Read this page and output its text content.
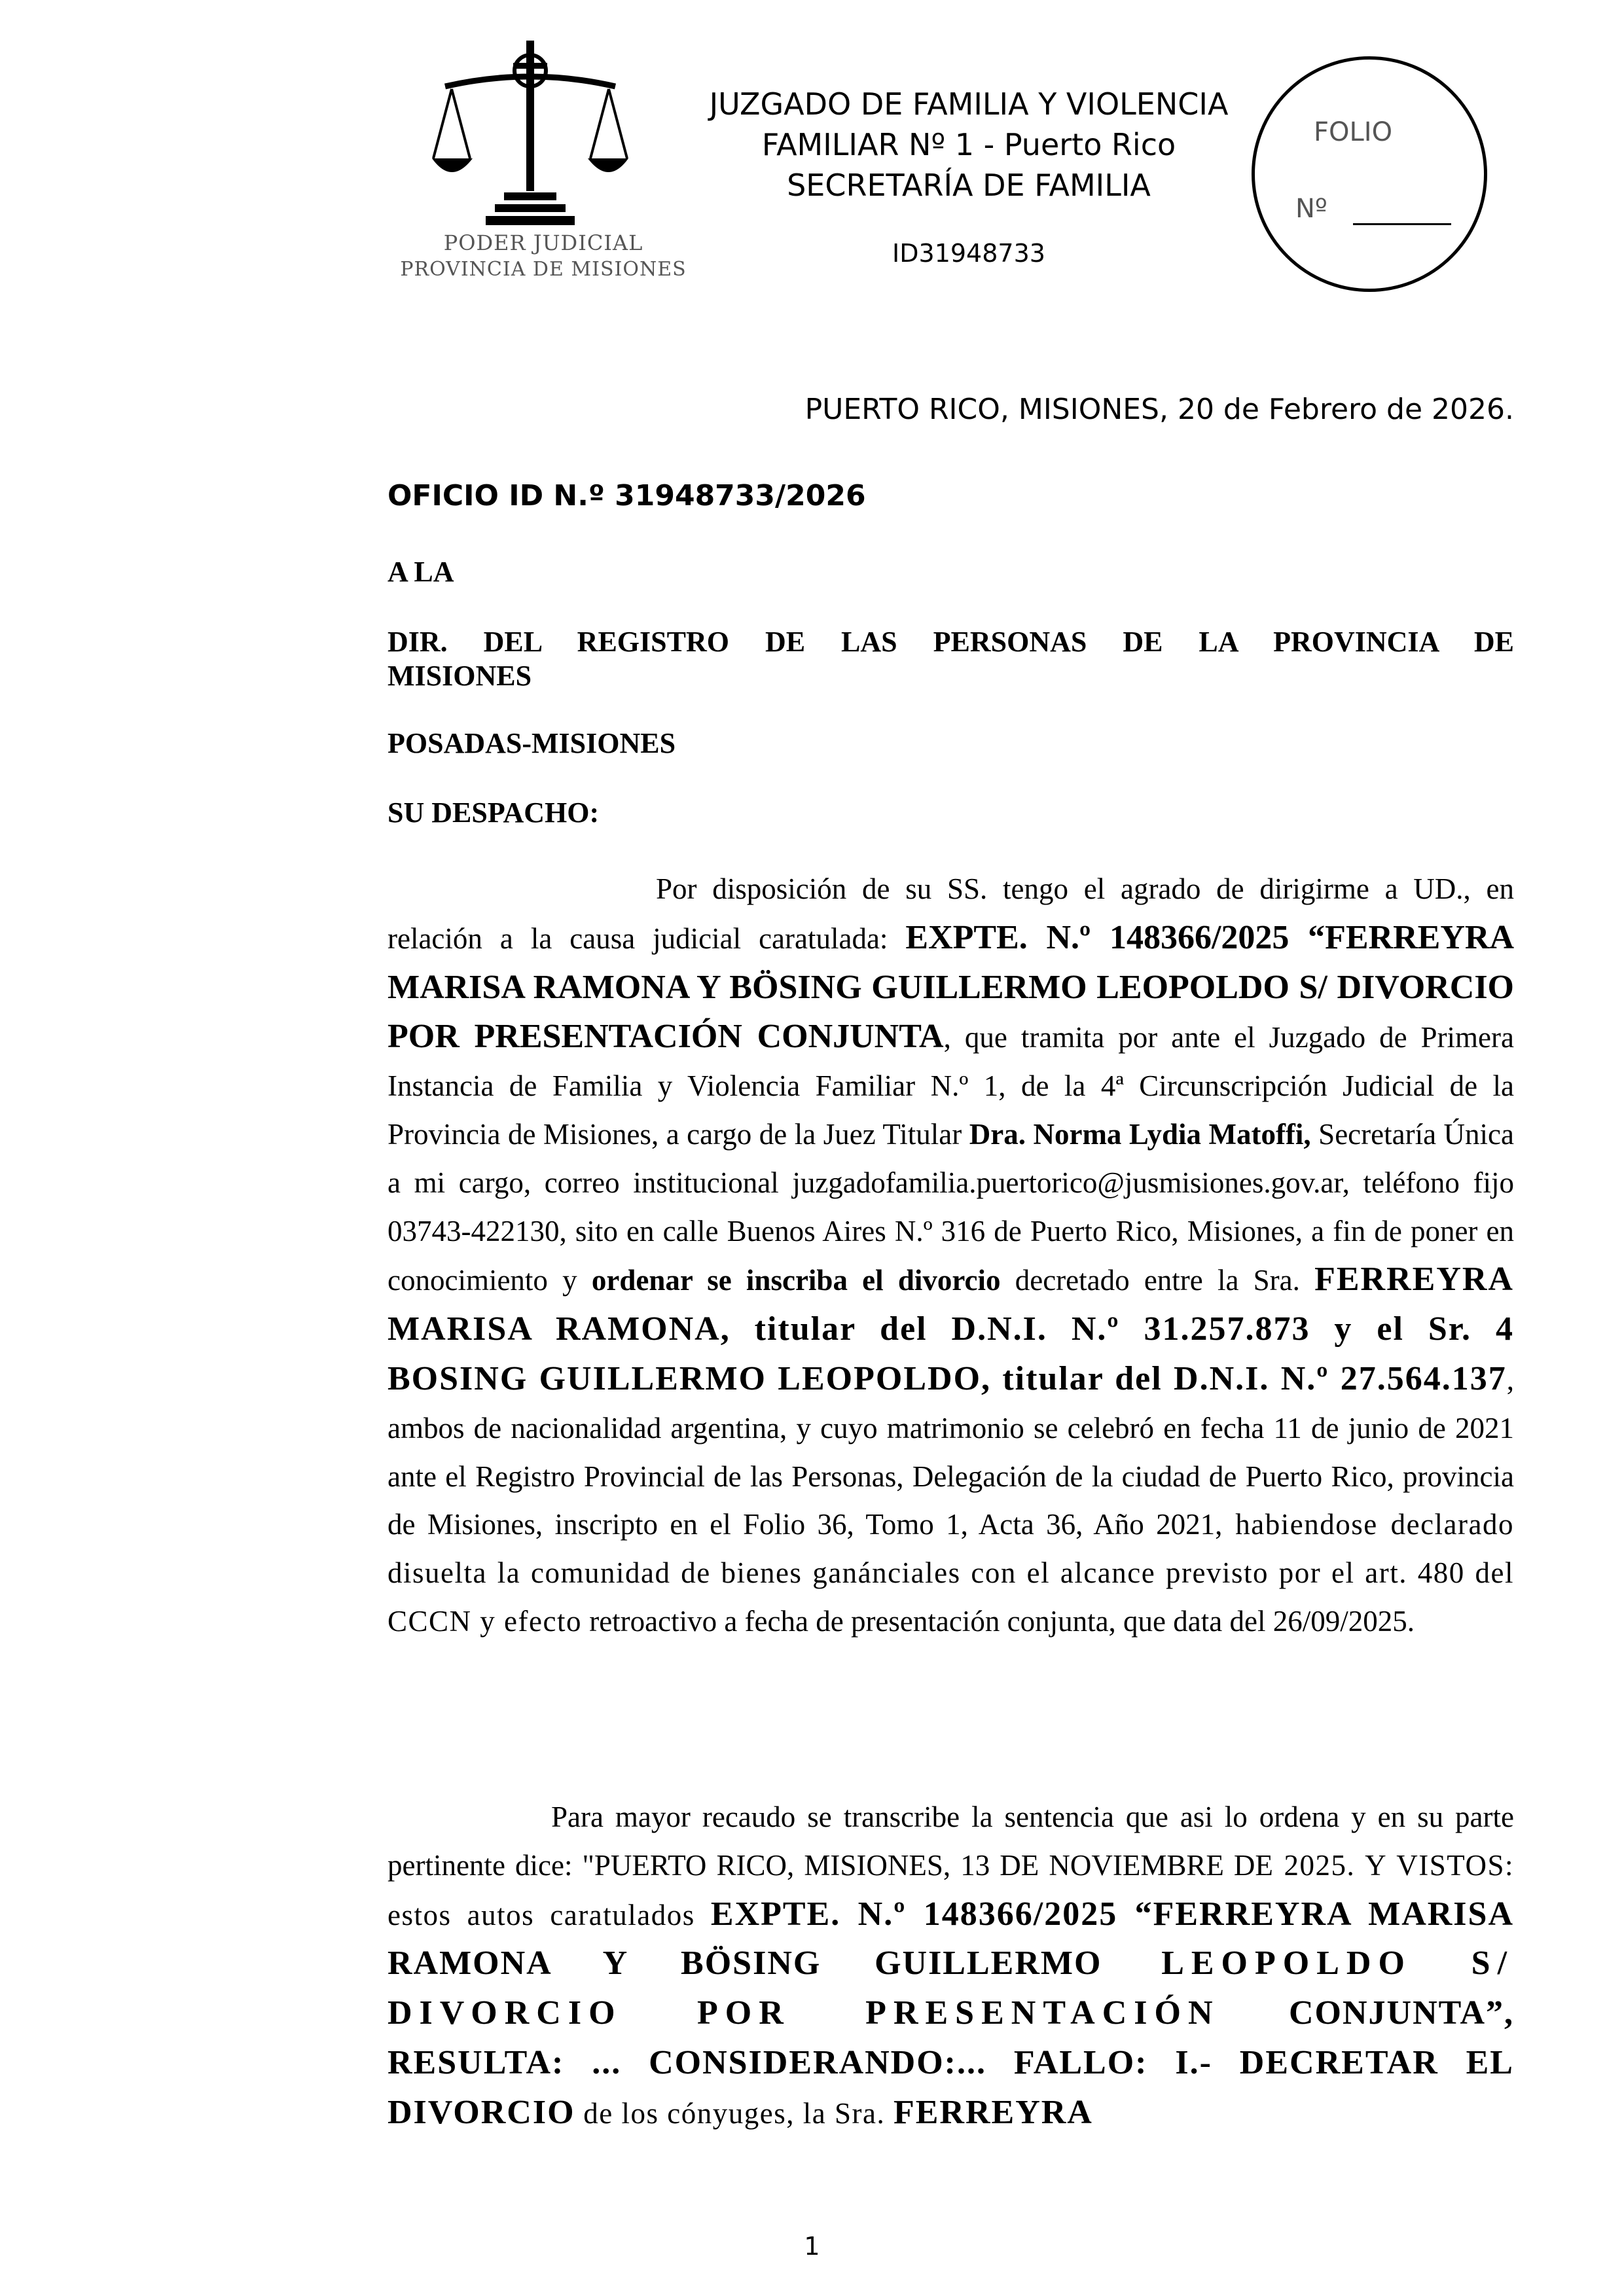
PODER JUDICIAL
PROVINCIA DE MISIONES
JUZGADO DE FAMILIA Y VIOLENCIA
FAMILIAR Nº 1 - Puerto Rico
SECRETARÍA DE FAMILIA
ID31948733
FOLIO
Nº
PUERTO RICO, MISIONES, 20 de Febrero de 2026.
OFICIO ID N.º 31948733/2026
A LA
DIR. DEL REGISTRO DE LAS PERSONAS DE LA PROVINCIA DE
MISIONES
POSADAS-MISIONES
SU DESPACHO:

Por disposición de su SS. tengo el agrado de dirigirme a UD., en relación a la causa judicial caratulada: EXPTE. N.º 148366/2025 “FERREYRA MARISA RAMONA Y BÖSING GUILLERMO LEOPOLDO S/ DIVORCIO POR PRESENTACIÓN CONJUNTA, que tramita por ante el Juzgado de Primera Instancia de Familia y Violencia Familiar N.º 1, de la 4ª Circunscripción Judicial de la Provincia de Misiones, a cargo de la Juez Titular Dra. Norma Lydia Matoffi, Secretaría Única a mi cargo, correo institucional juzgadofamilia.puertorico@jusmisiones.gov.ar, teléfono fijo 03743-422130, sito en calle Buenos Aires N.º 316 de Puerto Rico, Misiones, a fin de poner en conocimiento y ordenar se inscriba el divorcio decretado entre la Sra. FERREYRA MARISA RAMONA, titular del D.N.I. N.º 31.257.873 y el Sr. 4 BOSING GUILLERMO LEOPOLDO, titular del D.N.I. N.º 27.564.137, ambos de nacionalidad argentina, y cuyo matrimonio se celebró en fecha 11 de junio de 2021 ante el Registro Provincial de las Personas, Delegación de la ciudad de Puerto Rico, provincia de Misiones, inscripto en el Folio 36, Tomo 1, Acta 36, Año 2021, habiendose declarado disuelta la comunidad de bienes ganánciales con el alcance previsto por el art. 480 del CCCN y efecto retroactivo a fecha de presentación conjunta, que data del 26/09/2025.

Para mayor recaudo se transcribe la sentencia que asi lo ordena y en su parte pertinente dice: "PUERTO RICO, MISIONES, 13 DE NOVIEMBRE DE 2025. Y VISTOS: estos autos caratulados EXPTE. N.º 148366/2025 “FERREYRA MARISA RAMONA Y BÖSING GUILLERMO LEOPOLDO S/ DIVORCIO POR PRESENTACIÓN CONJUNTA”, RESULTA: ... CONSIDERANDO:... FALLO: I.- DECRETAR EL DIVORCIO de los cónyuges, la Sra. FERREYRA

1
